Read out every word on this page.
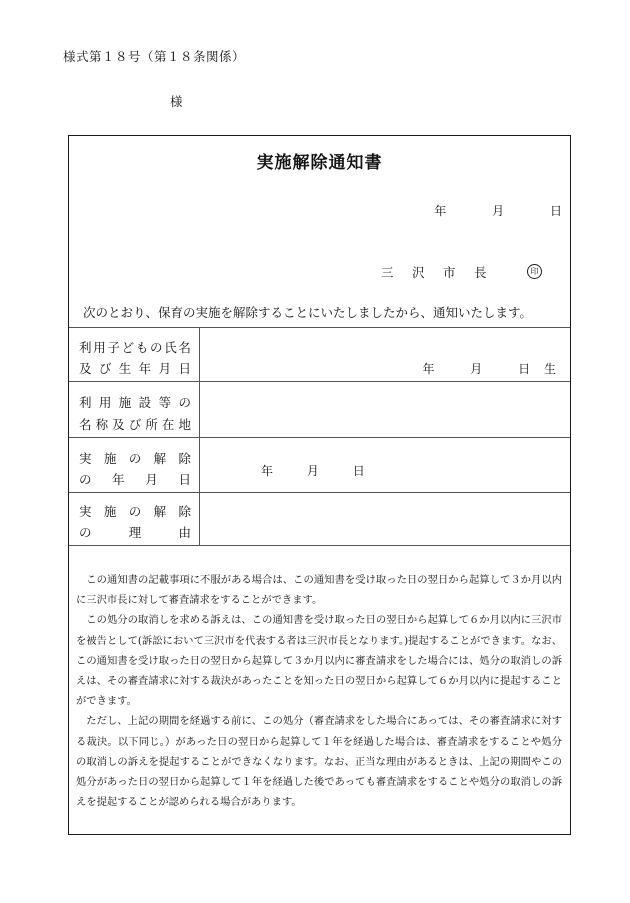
様式第１８号（第１８条関係）
様
実施解除通知書
年	月	日
三　沢　市　長	印
次のとおり、保育の実施を解除することにいたしましたから、通知いたします。
利 用 子 ど も の 氏 名
及 び 生 年 月 日	年	月	日 生
利 用 施 設 等 の
名 称 及 び 所 在 地
実 施 の 解 除
の 年 月 日
年	月	日
実 施 の 解 除
の	理	由

この通知書の記載事項に不服がある場合は、この通知書を受け取った日の翌日から起算して３か月以内に三沢市長に対して審査請求をすることができます。

この処分の取消しを求める訴えは、この通知書を受け取った日の翌日から起算して６か月以内に三沢市を被告として(訴訟において三沢市を代表する者は三沢市長となります。)提起することができます。なお、この通知書を受け取った日の翌日から起算して３か月以内に審査請求をした場合には、処分の取消しの訴えは、その審査請求に対する裁決があったことを知った日の翌日から起算して６か月以内に提起することができます。

ただし、上記の期間を経過する前に、この処分（審査請求をした場合にあっては、その審査請求に対する裁決。以下同じ。）があった日の翌日から起算して１年を経過した場合は、審査請求をすることや処分の取消しの訴えを提起することができなくなります。なお、正当な理由があるときは、上記の期間やこの処分があった日の翌日から起算して１年を経過した後であっても審査請求をすることや処分の取消しの訴えを提起することが認められる場合があります。
